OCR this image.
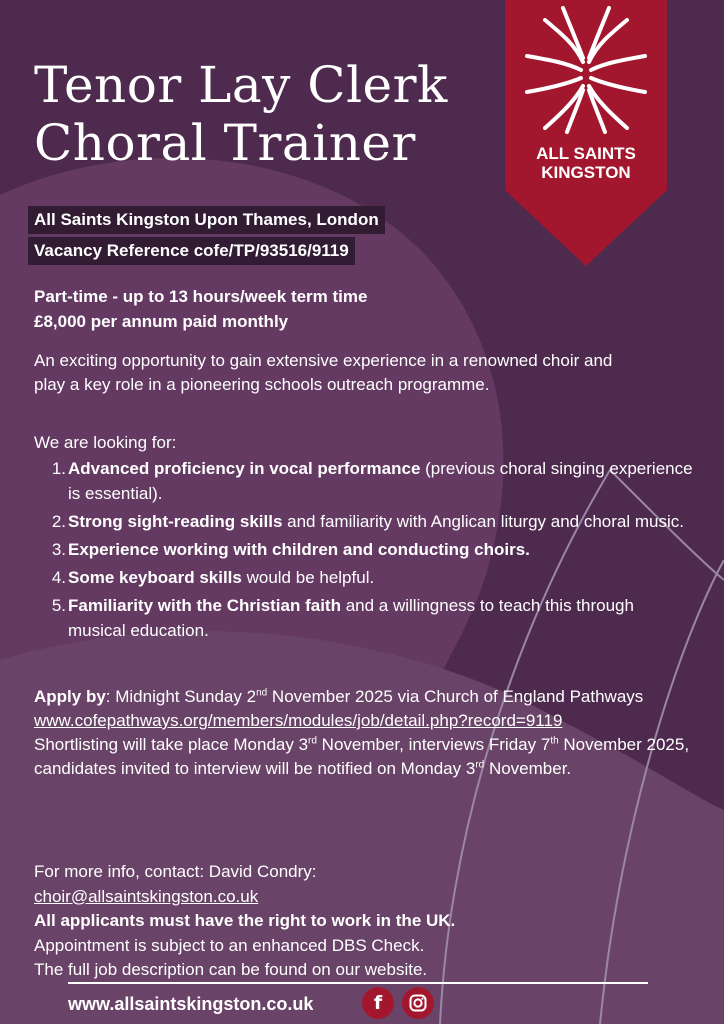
Tenor Lay Clerk
Choral Trainer	ALL SAINTS
KINGSTON
All Saints Kingston Upon Thames, London
Vacancy Reference cofe/TP/93516/9119
Part-time - up to 13 hours/week term time
£8,000 per annum paid monthly
An exciting opportunity to gain extensive experience in a renowned choir and play a key role in a pioneering schools outreach programme.
We are looking for:
1. Advanced proficiency in vocal performance (previous choral singing experience is essential).
2. Strong sight-reading skills and familiarity with Anglican liturgy and choral music.
3. Experience working with children and conducting choirs.
4. Some keyboard skills would be helpful.
5. Familiarity with the Christian faith and a willingness to teach this through musical education.
Apply by: Midnight Sunday 2nd November 2025 via Church of England Pathways www.cofepathways.org/members/modules/job/detail.php?record=9119
Shortlisting will take place Monday 3rd November, interviews Friday 7th November 2025, candidates invited to interview will be notified on Monday 3rd November.
For more info, contact: David Condry:
choir@allsaintskingston.co.uk
All applicants must have the right to work in the UK.
Appointment is subject to an enhanced DBS Check.
The full job description can be found on our website.
www.allsaintskingston.co.uk	f
